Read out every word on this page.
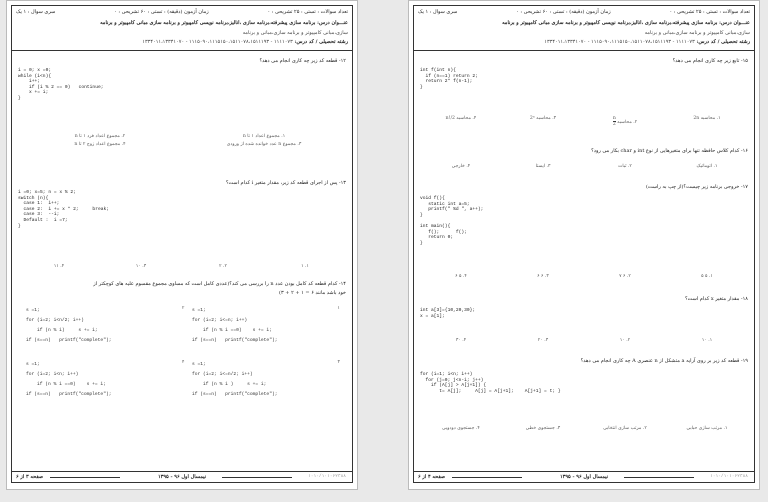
تعداد سوالات : تستی : ۲۵ تشریحی : ۰
زمان آزمون (دقیقه) : تستی : ۶۰ تشریحی : ۰
سری سوال : ۱ یک
عنـــوان درس: برنامه سازی پیشرفته،برنامه سازی ،آنالیز،برنامه نویسی کامپیوتر و برنامه سازی مبانی کامپیوتر و برنامه
سازی،مبانی کامپیوتر و برنامه سازی،مبانی و برنامه
رشته تحصیلی / کد درس: ۱۱۱۱۰۷۳ - ۱۱۱۵۰۹۰،۱۱۱۵۱۵۰،۱۵۱۱۰۷۸،۱۵۱۱۱۹۳ - ۱۳۳۴۰۱۱،۱۳۳۴۱۰۷۰
۱۲- قطعه کد زیر چه کاری انجام می دهد؟
i = 0; x =0;
while (i<n){
i++;
if (i % 2 == 0)   continue;
x += i;
}
۱. مجموع اعداد ۱ تا n
۲. مجموع اعداد فرد ۱ تا n
۳. مجموع n عدد خوانده شده از ورودی
۴. مجموع اعداد زوج ۲ تا n
۱۳- پس از اجرای قطعه کد زیر، مقدار متغیر i کدام است؟
i =0; x=5; n = x % 2;
switch (n){
case 1:  i++;
case 2:  i += x * 2;     break;
case 3:  --i;
Default :  i =7;
}
۱. ۱
۲. ۲
۳. ۱۰
۴. ۱۱
۱۴- کدام قطعه کد کامل بودن عدد n را بررسی می کند؟(عددی کامل است که مساوی مجموع مقسوم علیه های کوچکتر از
خود باشد مانند ۶ = ۱ + ۲ + ۳)
۱
s =1;
for (i=2; i<=n; i++)
if (n % i ==0)    s += i;
if (s==n)   printf("complete");
۲
s =1;
for (i=2; i<n/2; i++)
if (n % i)     s += i;
if (s==n)   printf("complete");
۳
s =1;
for (i=2; i<=n/2; i++)
if (n % i )     s += i;
if (s==n)   printf("complete");
۴
s =1;
for (i=2; i<n; i++)
if (n % i ==0)    s += i;
if (s==n)   printf("complete");
صفحه ۳ از ۶	نیمسال اول ۹۶ - ۱۳۹۵	۱۰۱۰/۱۰۱۰۶۲۳۸۸
تعداد سوالات : تستی : ۲۵ تشریحی : ۰
زمان آزمون (دقیقه) : تستی : ۶۰ تشریحی : ۰
سری سوال : ۱ یک
عنـــوان درس: برنامه سازی پیشرفته،برنامه سازی ،آنالیز،برنامه نویسی کامپیوتر و برنامه سازی مبانی کامپیوتر و برنامه
سازی،مبانی کامپیوتر و برنامه سازی،مبانی و برنامه
رشته تحصیلی / کد درس: ۱۱۱۱۰۷۳ - ۱۱۱۵۰۹۰،۱۱۱۵۱۵۰،۱۵۱۱۰۷۸،۱۵۱۱۱۹۳ - ۱۳۳۴۰۱۱،۱۳۳۴۱۰۷۰
۱۵- تابع زیر چه کاری انجام می دهد؟
int f(int n){
if (n==1) return 2;
return 2* f(n-1);
}
۱. محاسبه 2n
۲. محاسبه
$\frac{n}{2}$
۳. محاسبه 2ⁿ
۴. محاسبه n!/2
۱۶- کدام کلاس حافظه تنها برای متغیرهایی از نوع int و char بکار می رود؟
۱. اتوماتیک
۲. ثبات
۳. ایستا
۴. خارجی
۱۷- خروجی برنامه زیر چیست؟(از چپ به راست)
void f(){
static int a=5;
printf(" %d ", a++);
}

int main(){
f();      f();
return 0;
}
۱. ۵ ۵
۲. ۶ ۷
۳. ۶ ۶
۴. ۵ ۶
۱۸- مقدار متغیر x کدام است؟
int a[3]={10,20,30};
x = a[1];
۱. ۱۰
۲. ۱۰
۳. ۲۰
۴. ۳۰
۱۹- قطعه کد زیر بر روی آرایه a متشکل از n عنصری A چه کاری انجام می دهد؟
for (i=1; i<n; i++)
for (j=0; j<n-i; j++)
if (A[j] > A[j+1]) {
t= A[j];     A[j] = A[j+1];    A[j+1] = t; }
۱. مرتب سازی حبابی
۲. مرتب سازی انتخابی
۳. جستجوی خطی
۴. جستجوی دودویی
صفحه ۴ از ۶	نیمسال اول ۹۶ - ۱۳۹۵	۱۰۱۰/۱۰۱۰۶۲۳۸۸
